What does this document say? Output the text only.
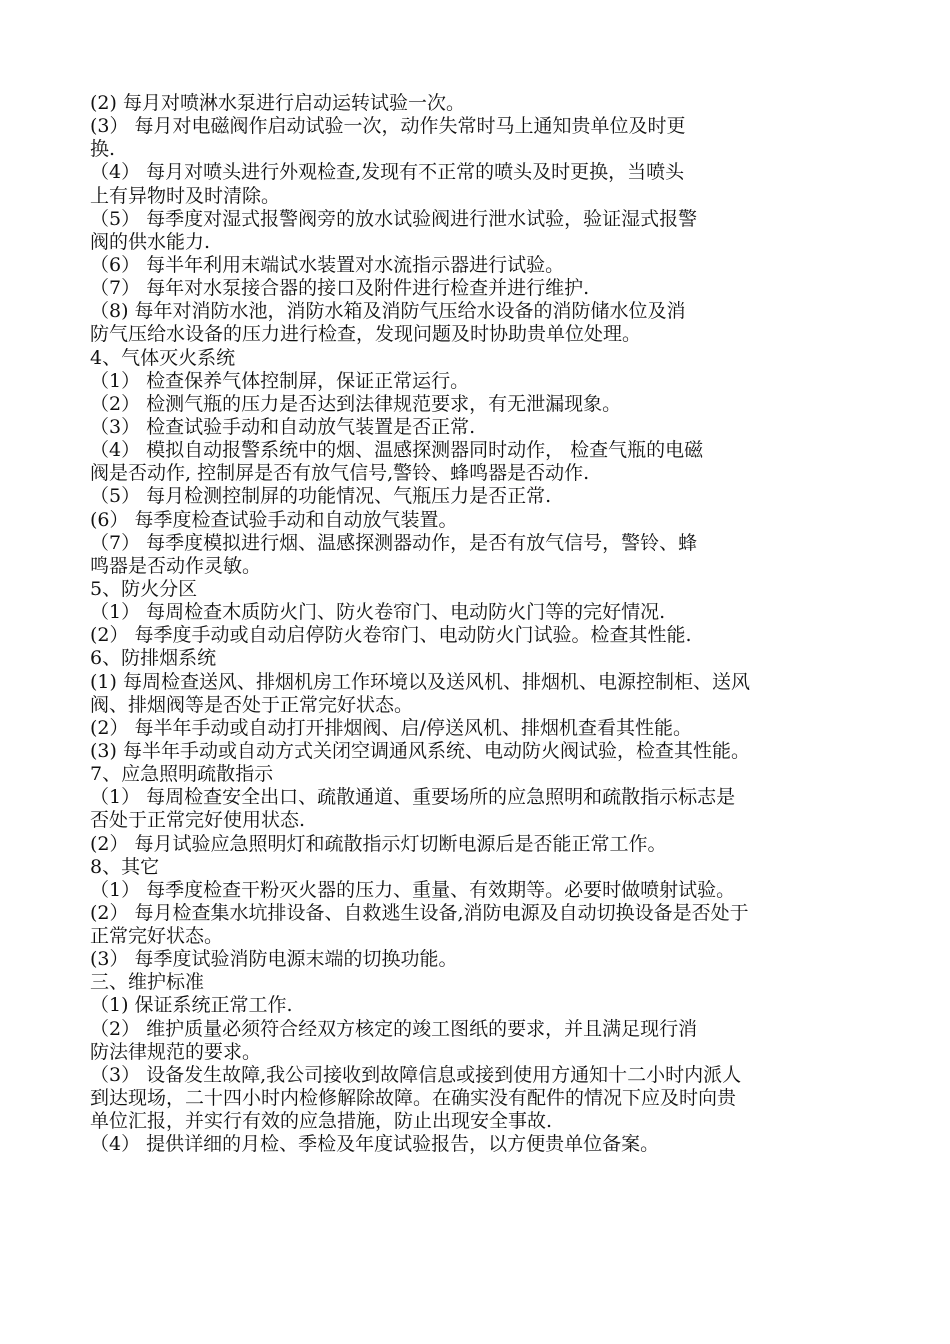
(2) 每月对喷淋水泵进行启动运转试验一次。
(3） 每月对电磁阀作启动试验一次，动作失常时马上通知贵单位及时更
换.
（4） 每月对喷头进行外观检查,发现有不正常的喷头及时更换，当喷头
上有异物时及时清除。
（5） 每季度对湿式报警阀旁的放水试验阀进行泄水试验，验证湿式报警
阀的供水能力.
（6） 每半年利用末端试水装置对水流指示器进行试验。
（7） 每年对水泵接合器的接口及附件进行检查并进行维护.
（8) 每年对消防水池，消防水箱及消防气压给水设备的消防储水位及消
防气压给水设备的压力进行检查，发现问题及时协助贵单位处理。
4、气体灭火系统
（1） 检查保养气体控制屏，保证正常运行。
（2） 检测气瓶的压力是否达到法律规范要求，有无泄漏现象。
（3） 检查试验手动和自动放气装置是否正常.
（4） 模拟自动报警系统中的烟、温感探测器同时动作， 检查气瓶的电磁
阀是否动作, 控制屏是否有放气信号,警铃、蜂鸣器是否动作.
（5） 每月检测控制屏的功能情况、气瓶压力是否正常.
(6） 每季度检查试验手动和自动放气装置。
（7） 每季度模拟进行烟、温感探测器动作，是否有放气信号，警铃、蜂
鸣器是否动作灵敏。
5、防火分区
（1） 每周检查木质防火门、防火卷帘门、电动防火门等的完好情况.
(2） 每季度手动或自动启停防火卷帘门、电动防火门试验。检查其性能.
6、防排烟系统
(1) 每周检查送风、排烟机房工作环境以及送风机、排烟机、电源控制柜、送风
阀、排烟阀等是否处于正常完好状态。
(2） 每半年手动或自动打开排烟阀、启/停送风机、排烟机查看其性能。
(3) 每半年手动或自动方式关闭空调通风系统、电动防火阀试验，检查其性能。
7、应急照明疏散指示
（1） 每周检查安全出口、疏散通道、重要场所的应急照明和疏散指示标志是
否处于正常完好使用状态.
(2） 每月试验应急照明灯和疏散指示灯切断电源后是否能正常工作。
8、其它
（1） 每季度检查干粉灭火器的压力、重量、有效期等。必要时做喷射试验。
(2） 每月检查集水坑排设备、自救逃生设备,消防电源及自动切换设备是否处于
正常完好状态。
(3） 每季度试验消防电源末端的切换功能。
三、维护标准
（1) 保证系统正常工作.
（2） 维护质量必须符合经双方核定的竣工图纸的要求，并且满足现行消
防法律规范的要求。
（3） 设备发生故障,我公司接收到故障信息或接到使用方通知十二小时内派人
到达现场，二十四小时内检修解除故障。在确实没有配件的情况下应及时向贵
单位汇报，并实行有效的应急措施，防止出现安全事故.
（4） 提供详细的月检、季检及年度试验报告，以方便贵单位备案。
